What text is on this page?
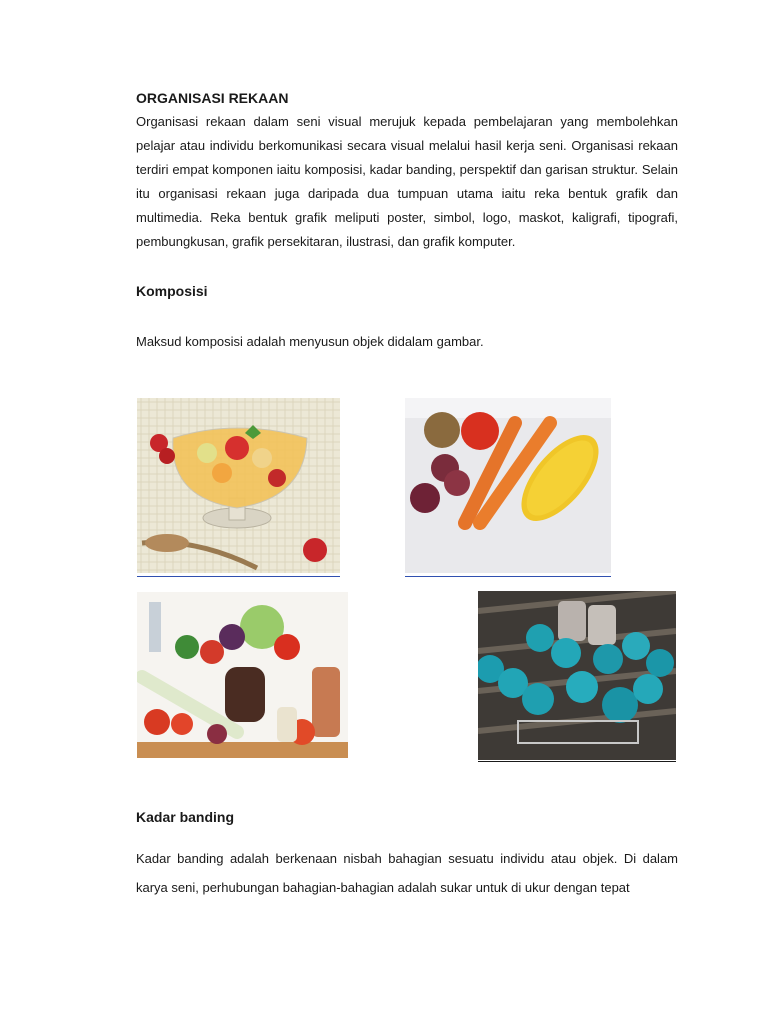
ORGANISASI REKAAN

Organisasi rekaan dalam seni visual merujuk kepada pembelajaran yang membolehkan pelajar atau individu berkomunikasi secara visual melalui hasil kerja seni. Organisasi rekaan terdiri empat komponen iaitu komposisi, kadar banding, perspektif dan garisan struktur. Selain itu organisasi rekaan juga daripada dua tumpuan utama iaitu reka bentuk grafik dan multimedia. Reka bentuk grafik meliputi poster, simbol, logo, maskot, kaligrafi, tipografi, pembungkusan, grafik persekitaran, ilustrasi, dan grafik komputer.

Komposisi

Maksud komposisi adalah menyusun objek didalam gambar.

Kadar banding

Kadar banding adalah berkenaan nisbah bahagian sesuatu individu atau objek. Di dalam karya seni, perhubungan bahagian-bahagian adalah sukar untuk di ukur dengan tepat
